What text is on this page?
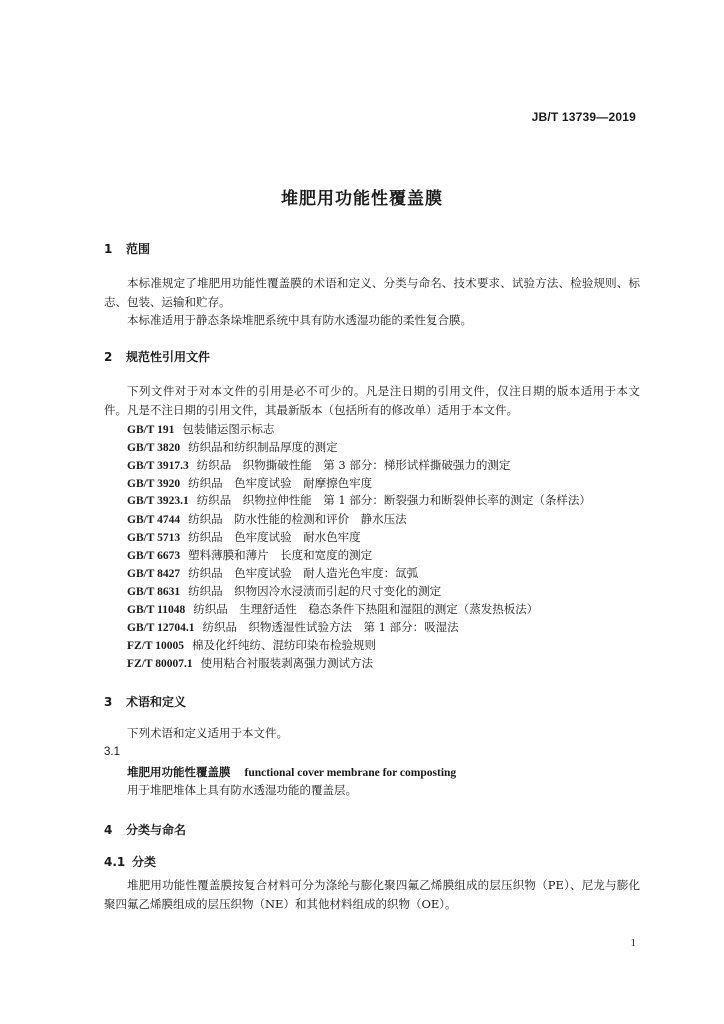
JB/T 13739—2019
堆肥用功能性覆盖膜
1 范围

本标准规定了堆肥用功能性覆盖膜的术语和定义、分类与命名、技术要求、试验方法、检验规则、标志、包装、运输和贮存。

本标准适用于静态条垛堆肥系统中具有防水透湿功能的柔性复合膜。

2 规范性引用文件

下列文件对于对本文件的引用是必不可少的。凡是注日期的引用文件，仅注日期的版本适用于本文件。凡是不注日期的引用文件，其最新版本（包括所有的修改单）适用于本文件。

GB/T 191 包装储运图示标志
GB/T 3820 纺织品和纺织制品厚度的测定
GB/T 3917.3 纺织品　织物撕破性能　第 3 部分：梯形试样撕破强力的测定
GB/T 3920 纺织品　色牢度试验　耐摩擦色牢度
GB/T 3923.1 纺织品　织物拉伸性能　第 1 部分：断裂强力和断裂伸长率的测定（条样法）
GB/T 4744 纺织品　防水性能的检测和评价　静水压法
GB/T 5713 纺织品　色牢度试验　耐水色牢度
GB/T 6673 塑料薄膜和薄片　长度和宽度的测定
GB/T 8427 纺织品　色牢度试验　耐人造光色牢度：氙弧
GB/T 8631 纺织品　织物因冷水浸渍而引起的尺寸变化的测定
GB/T 11048 纺织品　生理舒适性　稳态条件下热阻和湿阻的测定（蒸发热板法）
GB/T 12704.1 纺织品　织物透湿性试验方法　第 1 部分：吸湿法
FZ/T 10005 棉及化纤纯纺、混纺印染布检验规则
FZ/T 80007.1 使用粘合衬服装剥离强力测试方法
3 术语和定义
下列术语和定义适用于本文件。
3.1
堆肥用功能性覆盖膜 functional cover membrane for composting
用于堆肥堆体上具有防水透湿功能的覆盖层。
4 分类与命名
4.1 分类

堆肥用功能性覆盖膜按复合材料可分为涤纶与膨化聚四氟乙烯膜组成的层压织物（PE）、尼龙与膨化聚四氟乙烯膜组成的层压织物（NE）和其他材料组成的织物（OE）。

1
